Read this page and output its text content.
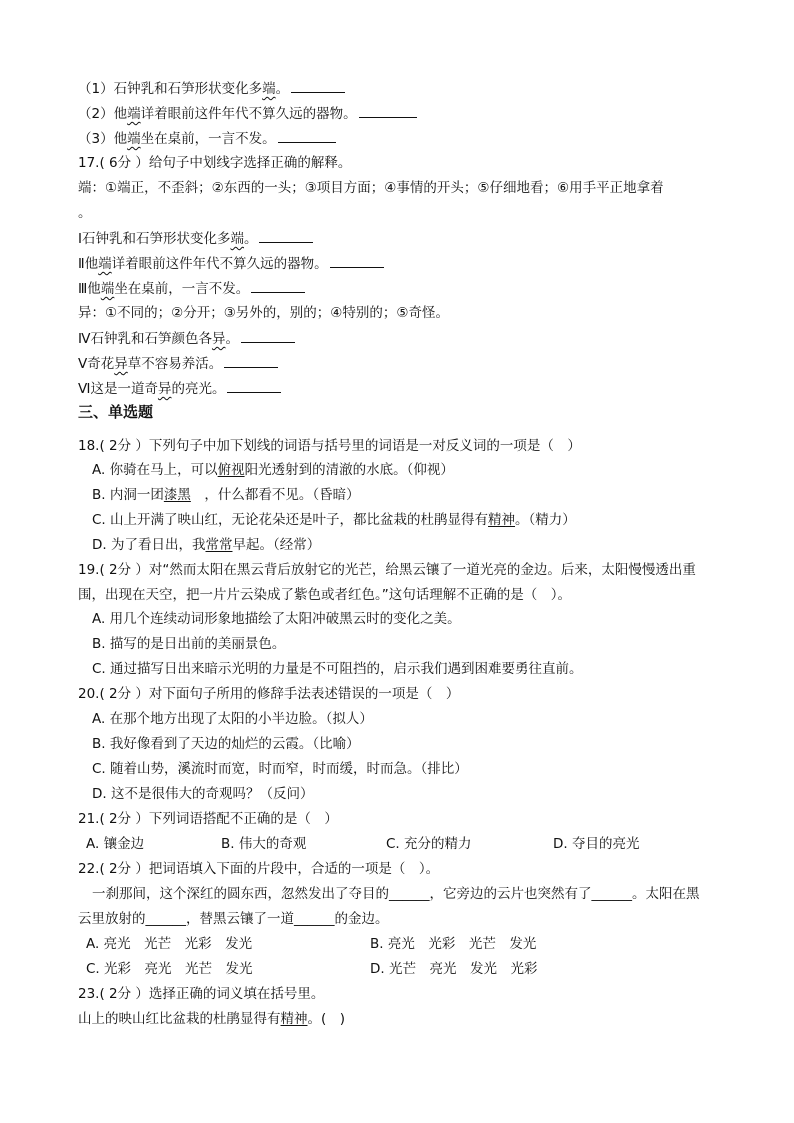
（1）石钟乳和石笋形状变化多端。
（2）他端详着眼前这件年代不算久远的器物。
（3）他端坐在桌前，一言不发。
17.( 6分 ）给句子中划线字选择正确的解释。
端：①端正，不歪斜；②东西的一头；③项目方面；④事情的开头；⑤仔细地看；⑥用手平正地拿着
。
Ⅰ石钟乳和石笋形状变化多端。
Ⅱ他端详着眼前这件年代不算久远的器物。
Ⅲ他端坐在桌前，一言不发。
异：①不同的；②分开；③另外的，别的；④特别的；⑤奇怪。
Ⅳ石钟乳和石笋颜色各异。
Ⅴ奇花异草不容易养活。
Ⅵ这是一道奇异的亮光。
三、单选题
18.( 2分 ）下列句子中加下划线的词语与括号里的词语是一对反义词的一项是（　）
A. 你骑在马上，可以俯视阳光透射到的清澈的水底。（仰视）
B. 内洞一团漆黑　，什么都看不见。（昏暗）
C. 山上开满了映山红，无论花朵还是叶子，都比盆栽的杜鹃显得有精神。（精力）
D. 为了看日出，我常常早起。（经常）
19.( 2分 ）对“然而太阳在黑云背后放射它的光芒，给黑云镶了一道光亮的金边。后来，太阳慢慢透出重
围，出现在天空，把一片片云染成了紫色或者红色。”这句话理解不正确的是（　）。
A. 用几个连续动词形象地描绘了太阳冲破黑云时的变化之美。
B. 描写的是日出前的美丽景色。
C. 通过描写日出来暗示光明的力量是不可阻挡的，启示我们遇到困难要勇往直前。
20.( 2分 ）对下面句子所用的修辞手法表述错误的一项是（　）
A. 在那个地方出现了太阳的小半边脸。（拟人）
B. 我好像看到了天边的灿烂的云霞。（比喻）
C. 随着山势，溪流时而宽，时而窄，时而缓，时而急。（排比）
D. 这不是很伟大的奇观吗？（反问）
21.( 2分 ）下列词语搭配不正确的是（　）
A. 镶金边	B. 伟大的奇观	C. 充分的精力	D. 夺目的亮光
22.( 2分 ）把词语填入下面的片段中，合适的一项是（　）。
一刹那间，这个深红的圆东西，忽然发出了夺目的______，它旁边的云片也突然有了______。太阳在黑
云里放射的______，替黑云镶了一道______的金边。
A. 亮光　光芒　光彩　发光	B. 亮光　光彩　光芒　发光
C. 光彩　亮光　光芒　发光	D. 光芒　亮光　发光　光彩
23.( 2分 ）选择正确的词义填在括号里。
山上的映山红比盆栽的杜鹃显得有精神。(　)
